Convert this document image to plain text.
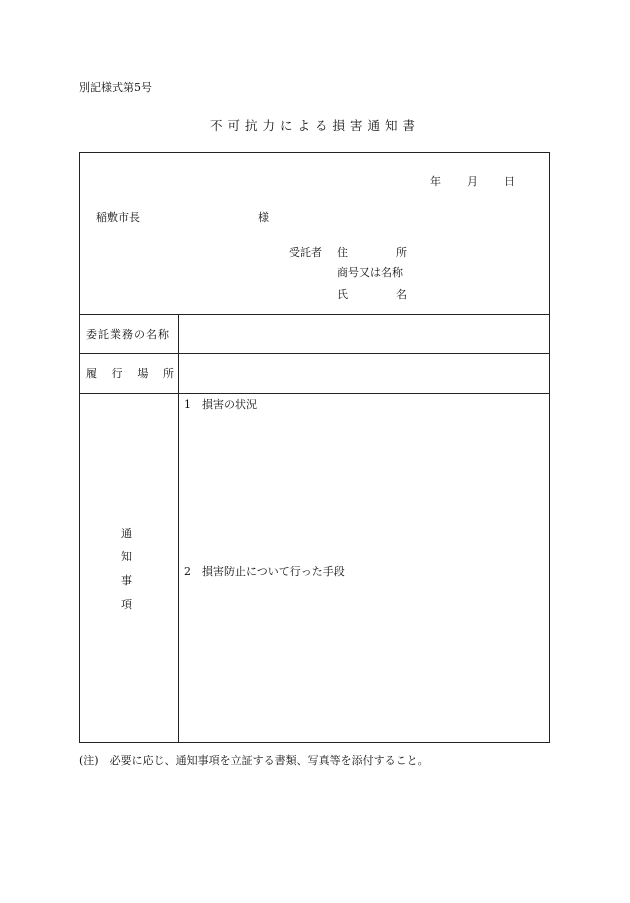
別記様式第5号
不可抗力による損害通知書
年 月 日
稲敷市長	様
受託者 住	所
商号又は名称
氏	名
委託業務の名称
履 行 場 所
通
知
事
項
1　損害の状況
2　損害防止について行った手段
(注)　必要に応じ、通知事項を立証する書類、写真等を添付すること。
